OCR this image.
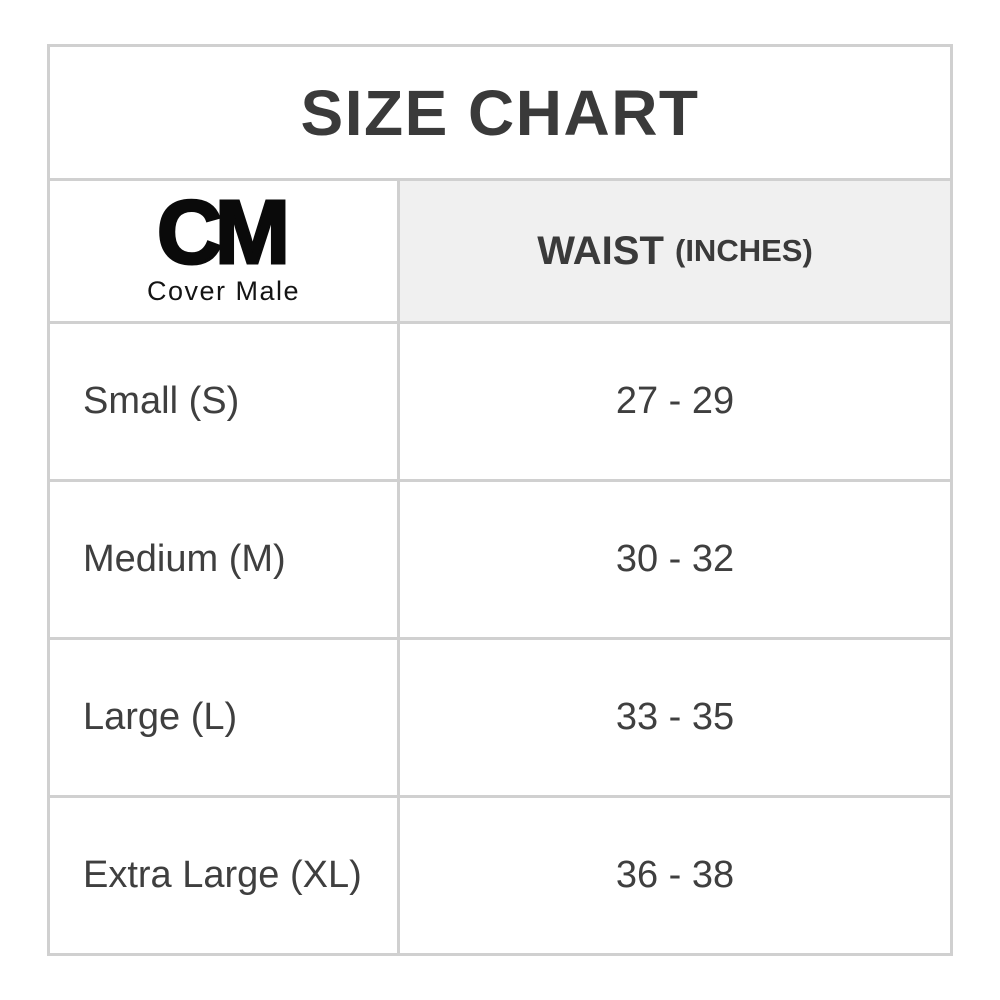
SIZE CHART
CM
Cover Male
WAIST (INCHES)
Small (S)	27 - 29
Medium (M)	30 - 32
Large (L)	33 - 35
Extra Large (XL)	36 - 38
